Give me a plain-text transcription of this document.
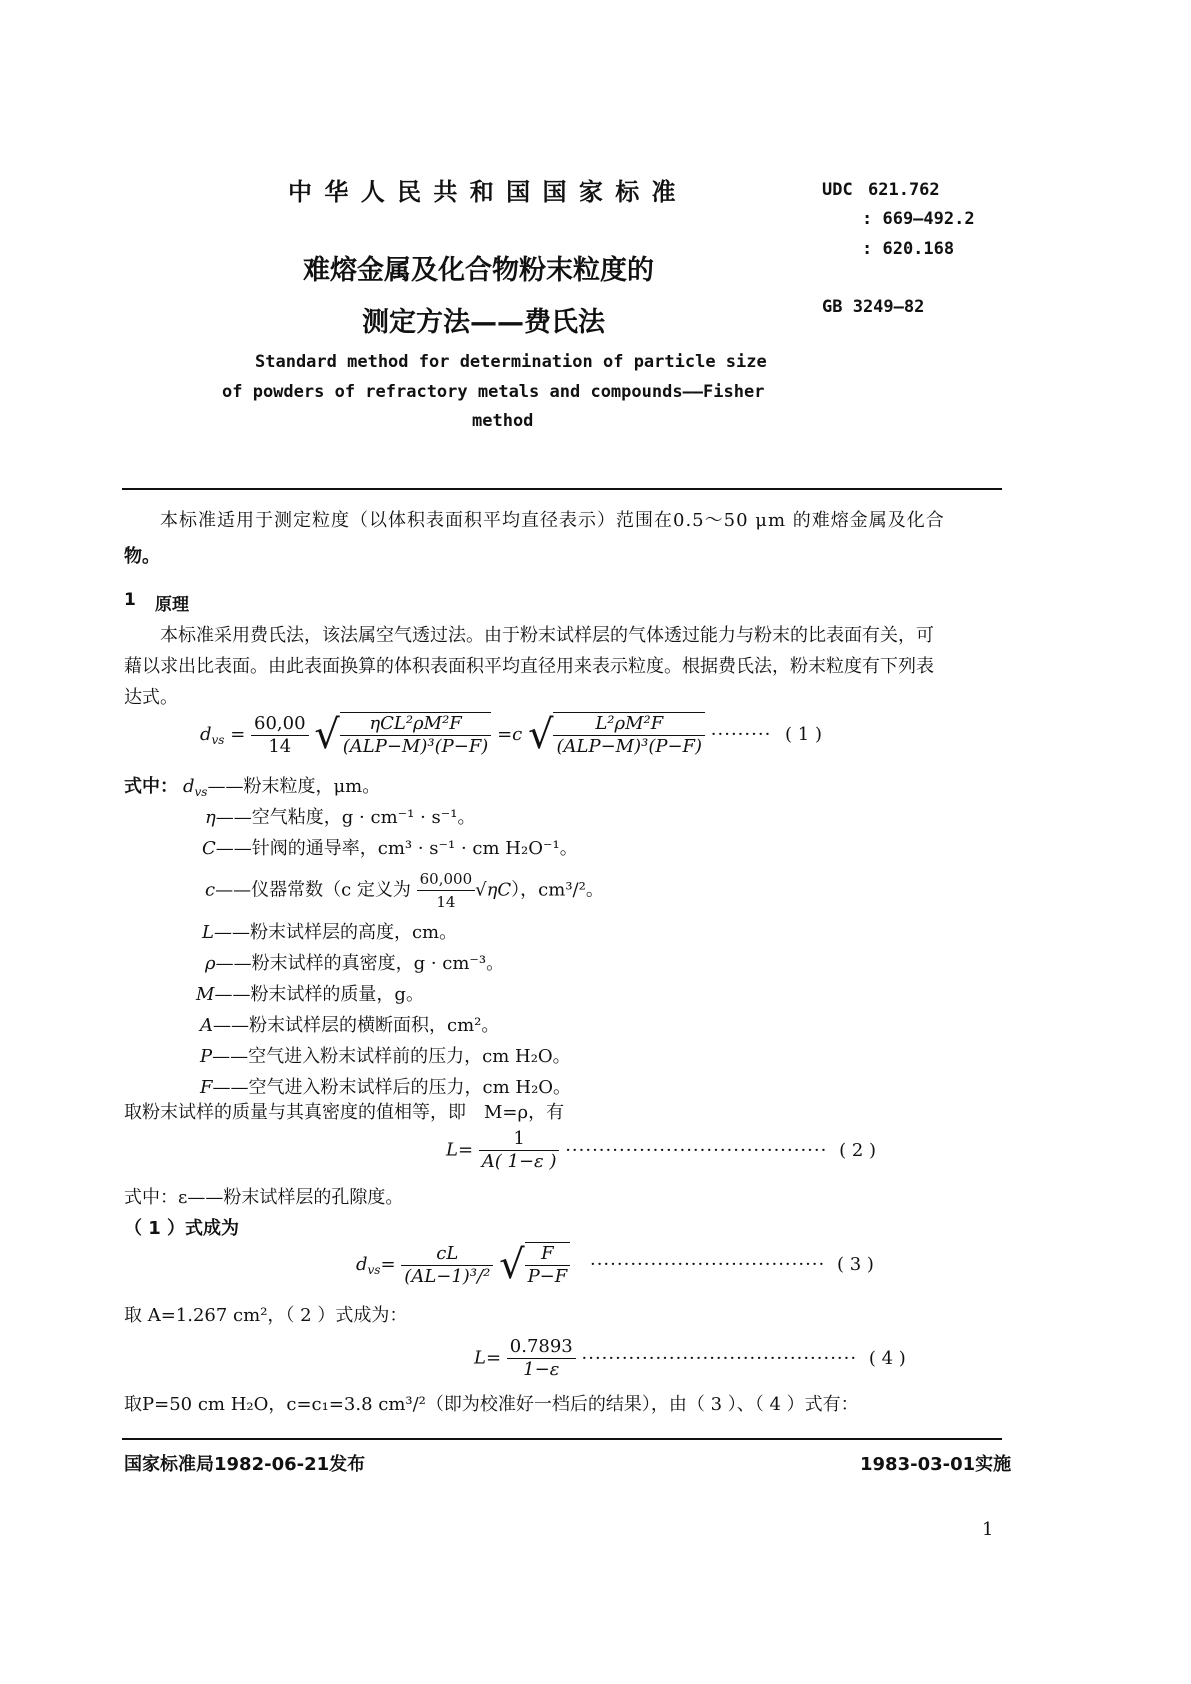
中 华 人 民 共 和 国 国 家 标 准
难熔金属及化合物粉末粒度的
测定方法——费氏法
Standard method for determination of particle size
of powders of refractory metals and compounds——Fisher
method
UDC 621.762
: 669—492.2
: 620.168
GB 3249—82
本标准适用于测定粒度（以体积表面积平均直径表示）范围在0.5～50 μm 的难熔金属及化合
物。
1 原理
本标准采用费氏法，该法属空气透过法。由于粉末试样层的气体透过能力与粉末的比表面有关，可
藉以求出比表面。由此表面换算的体积表面积平均直径用来表示粒度。根据费氏法，粉末粒度有下列表
达式。
$d_{vs} = \frac{60,00}{14}$ √ $\frac{\text{ηCL²ρM²F}}{\text{(ALP−M)³(P−F)}} =c$ √ $\frac{\text{L²ρM²F}}{\text{(ALP−M)³(P−F)}}$ ········· ( 1 )
式中： $d_{vs}——$粉末粒度，μm。
η——空气粘度，g · cm⁻¹ · s⁻¹。
C——针阀的通导率，cm³ · s⁻¹ · cm H₂O⁻¹。
c——仪器常数（c 定义为 $\frac{60,000}{14} √\eta C$），cm³/²。
L——粉末试样层的高度，cm。
ρ——粉末试样的真密度，g · cm⁻³。
M——粉末试样的质量，g。
A——粉末试样层的横断面积，cm²。
P——空气进入粉末试样前的压力，cm H₂O。
F——空气进入粉末试样后的压力，cm H₂O。
取粉末试样的质量与其真密度的值相等，即　M=ρ，有
$L= \frac{1}{A( 1-\varepsilon )}$ ······································· ( 2 )
式中：ε——粉末试样层的孔隙度。
（ 1 ）式成为
$d_{vs}= \frac{cL}{\text{(AL−1)³/²}}$ √ $\frac{F}{P-F}$ ··································· ( 3 )
取 A=1.267 cm²，（ 2 ）式成为：
$L= \frac{0.7893}{1-\varepsilon}$ ········································· ( 4 )
取P=50 cm H₂O，c=c₁=3.8 cm³/²（即为校准好一档后的结果），由（ 3 ）、（ 4 ）式有：
国家标准局1982-06-21发布	1983-03-01实施
1
